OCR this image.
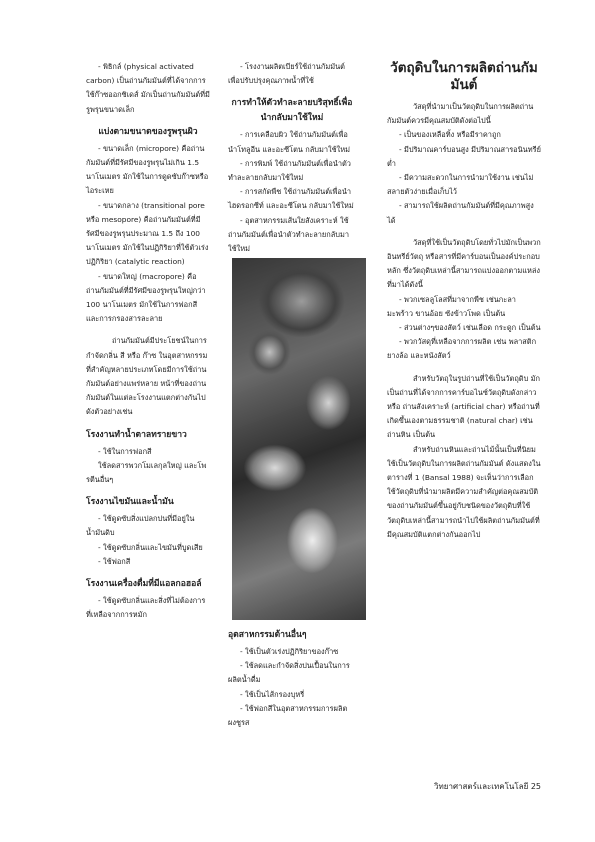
- พิธิกล์ (physical activated carbon) เป็นถ่านกัมมันต์ที่ได้จากการใช้ก๊าซออกซิเดส์ มักเป็นถ่านกัมมันต์ที่มีรูพรุนขนาดเล็ก

แบ่งตามขนาดของรูพรุนผิว

- ขนาดเล็ก (micropore) คือถ่านกัมมันต์ที่มีรัศมีของรูพรุนไม่เกิน 1.5 นาโนเมตร มักใช้ในการดูดซับก๊าซหรือไอระเหย

- ขนาดกลาง (transitional pore หรือ mesopore) คือถ่านกัมมันต์ที่มีรัศมีของรูพรุนประมาณ 1.5 ถึง 100 นาโนเมตร มักใช้ในปฏิกิริยาที่ใช้ตัวเร่งปฏิกิริยา (catalytic reaction)

- ขนาดใหญ่ (macropore) คือถ่านกัมมันต์ที่มีรัศมีของรูพรุนใหญ่กว่า 100 นาโนเมตร มักใช้ในการฟอกสีและการกรองสารละลาย

ถ่านกัมมันต์มีประโยชน์ในการกำจัดกลิ่น สี หรือ ก๊าซ ในอุตสาหกรรมที่สำคัญหลายประเภทโดยมีการใช้ถ่านกัมมันต์อย่างแพร่หลาย หน้าที่ของถ่านกัมมันต์ในแต่ละโรงงานแตกต่างกันไป ดังตัวอย่างเช่น

โรงงานทำน้ำตาลทรายขาว

- ใช้ในการฟอกสี

ใช้ลดสารพวกโมเลกุลใหญ่ และโพรตีนอื่นๆ

โรงงานไขมันและน้ำมัน

- ใช้ดูดซับสิ่งแปลกปนที่มีอยู่ในน้ำมันดิบ

- ใช้ดูดซับกลิ่นและไขมันที่บูดเสีย

- ใช้ฟอกสี

โรงงานเครื่องดื่มที่มีแอลกอฮอล์

- ใช้ดูดซับกลิ่นและสิ่งที่ไม่ต้องการที่เหลือจากการหมัก

- โรงงานผลิตเบียร์ใช้ถ่านกัมมันต์เพื่อปรับปรุงคุณภาพน้ำที่ใช้

การทำให้ตัวทำละลายบริสุทธิ์เพื่อนำกลับมาใช้ใหม่

- การเคลือบผิว ใช้ถ่านกัมมันต์เพื่อนำโทลูอีน และอะซีโตน กลับมาใช้ใหม่

- การพิมพ์ ใช้ถ่านกัมมันต์เพื่อนำตัวทำละลายกลับมาใช้ใหม่

- การสกัดพืช ใช้ถ่านกัมมันต์เพื่อนำไฮดรอกซีท์ และอะซีโตน กลับมาใช้ใหม่

- อุตสาหกรรมเส้นใยสังเคราะห์ ใช้ถ่านกัมมันต์เพื่อนำตัวทำละลายกลับมาใช้ใหม่

อุตสาหกรรมด้านอื่นๆ

- ใช้เป็นตัวเร่งปฏิกิริยาของก๊าซ

- ใช้ลดและกำจัดสิ่งปนเปื้อนในการผลิตน้ำดื่ม

- ใช้เป็นไส้กรองบุหรี่

- ใช้ฟอกสีในอุตสาหกรรมการผลิตผงชูรส

วัตถุดิบในการผลิตถ่านกัมมันต์

วัสดุที่นำมาเป็นวัตถุดิบในการผลิตถ่านกัมมันต์ควรมีคุณสมบัติดังต่อไปนี้

- เป็นของเหลือทิ้ง หรือมีราคาถูก

- มีปริมาณคาร์บอนสูง มีปริมาณสารอนินทรีย์ต่ำ

- มีความสะดวกในการนำมาใช้งาน เช่นไม่สลายตัวง่ายเมื่อเก็บไว้

- สามารถใช้ผลิตถ่านกัมมันต์ที่มีคุณภาพสูงได้

วัสดุที่ใช้เป็นวัตถุดิบโดยทั่วไปมักเป็นพวกอินทรีย์วัตถุ หรือสารที่มีคาร์บอนเป็นองค์ประกอบหลัก ซึ่งวัตถุดิบเหล่านี้สามารถแบ่งออกตามแหล่งที่มาได้ดังนี้

- พวกเซลลูโลสที่มาจากพืช เช่นกะลามะพร้าว ขานอ้อย ซังข้าวโพด เป็นต้น

- ส่วนต่างๆของสัตว์ เช่นเลือด กระดูก เป็นต้น

- พวกวัสดุที่เหลือจากการผลิต เช่น พลาสติก ยางล้อ และหนังสัตว์

สำหรับวัตถุในรูปถ่านที่ใช้เป็นวัตถุดิบ มักเป็นถ่านที่ได้จากการคาร์บอไนซ์วัตถุดิบดังกล่าว หรือ ถ่านสังเคราะห์ (artificial char) หรือถ่านที่เกิดขึ้นเองตามธรรมชาติ (natural char) เช่น ถ่านหิน เป็นต้น

สำหรับถ่านหินและถ่านไม้นั้นเป็นที่นิยมใช้เป็นวัตถุดิบในการผลิตถ่านกัมมันต์ ดังแสดงในตารางที่ 1 (Bansal 1988) จะเห็นว่าการเลือกใช้วัตถุดิบที่นำมาผลิตมีความสำคัญต่อคุณสมบัติของถ่านกัมมันต์ขึ้นอยู่กับชนิดของวัตถุดิบที่ใช้ วัตถุดิบเหล่านี้สามารถนำไปใช้ผลิตถ่านกัมมันต์ที่มีคุณสมบัติแตกต่างกันออกไป

วิทยาศาสตร์และเทคโนโลยี 25
